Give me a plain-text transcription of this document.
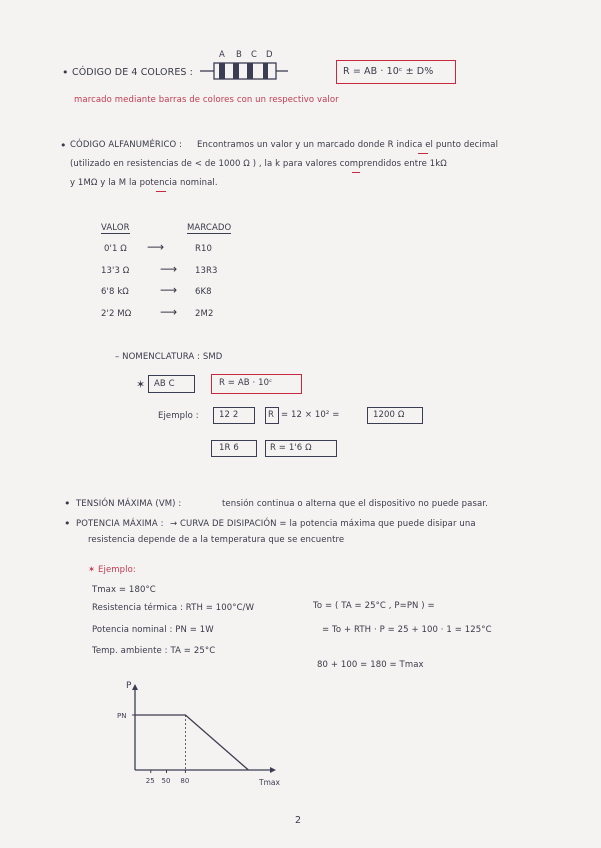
• CÓDIGO DE 4 COLORES :
A B C D
R = AB · 10ᶜ ± D%
marcado mediante barras de colores con un respectivo valor
• CÓDIGO ALFANUMÉRICO : Encontramos un valor y un marcado donde R indica el punto decimal
(utilizado en resistencias de < de 1000 Ω ) , la k para valores comprendidos entre 1kΩ
y 1MΩ y la M la potencia nominal.
VALOR	MARCADO
0'1 Ω ⟶	R10
13'3 Ω	⟶ 13R3
6'8 kΩ	⟶ 6K8
2'2 MΩ ⟶ 2M2
– NOMENCLATURA : SMD
✶ AB C	R = AB · 10ᶜ
Ejemplo : 12 2	R = 12 × 10² =	1200 Ω
1R 6	R = 1'6 Ω
• TENSIÓN MÁXIMA (VM) :	tensión continua o alterna que el dispositivo no puede pasar.
• POTENCIA MÁXIMA : → CURVA DE DISIPACIÓN = la potencia máxima que puede disipar una
resistencia depende de a la temperatura que se encuentre
✶ Ejemplo:
Tmax = 180°C
Resistencia térmica : RTH = 100°C/W
Potencia nominal : PN = 1W
Temp. ambiente : TA = 25°C
To = ( TA = 25°C , P=PN ) =
= To + RTH · P = 25 + 100 · 1 = 125°C
80 + 100 = 180 = Tmax
P
Tmax
PN
25 50 80
2
